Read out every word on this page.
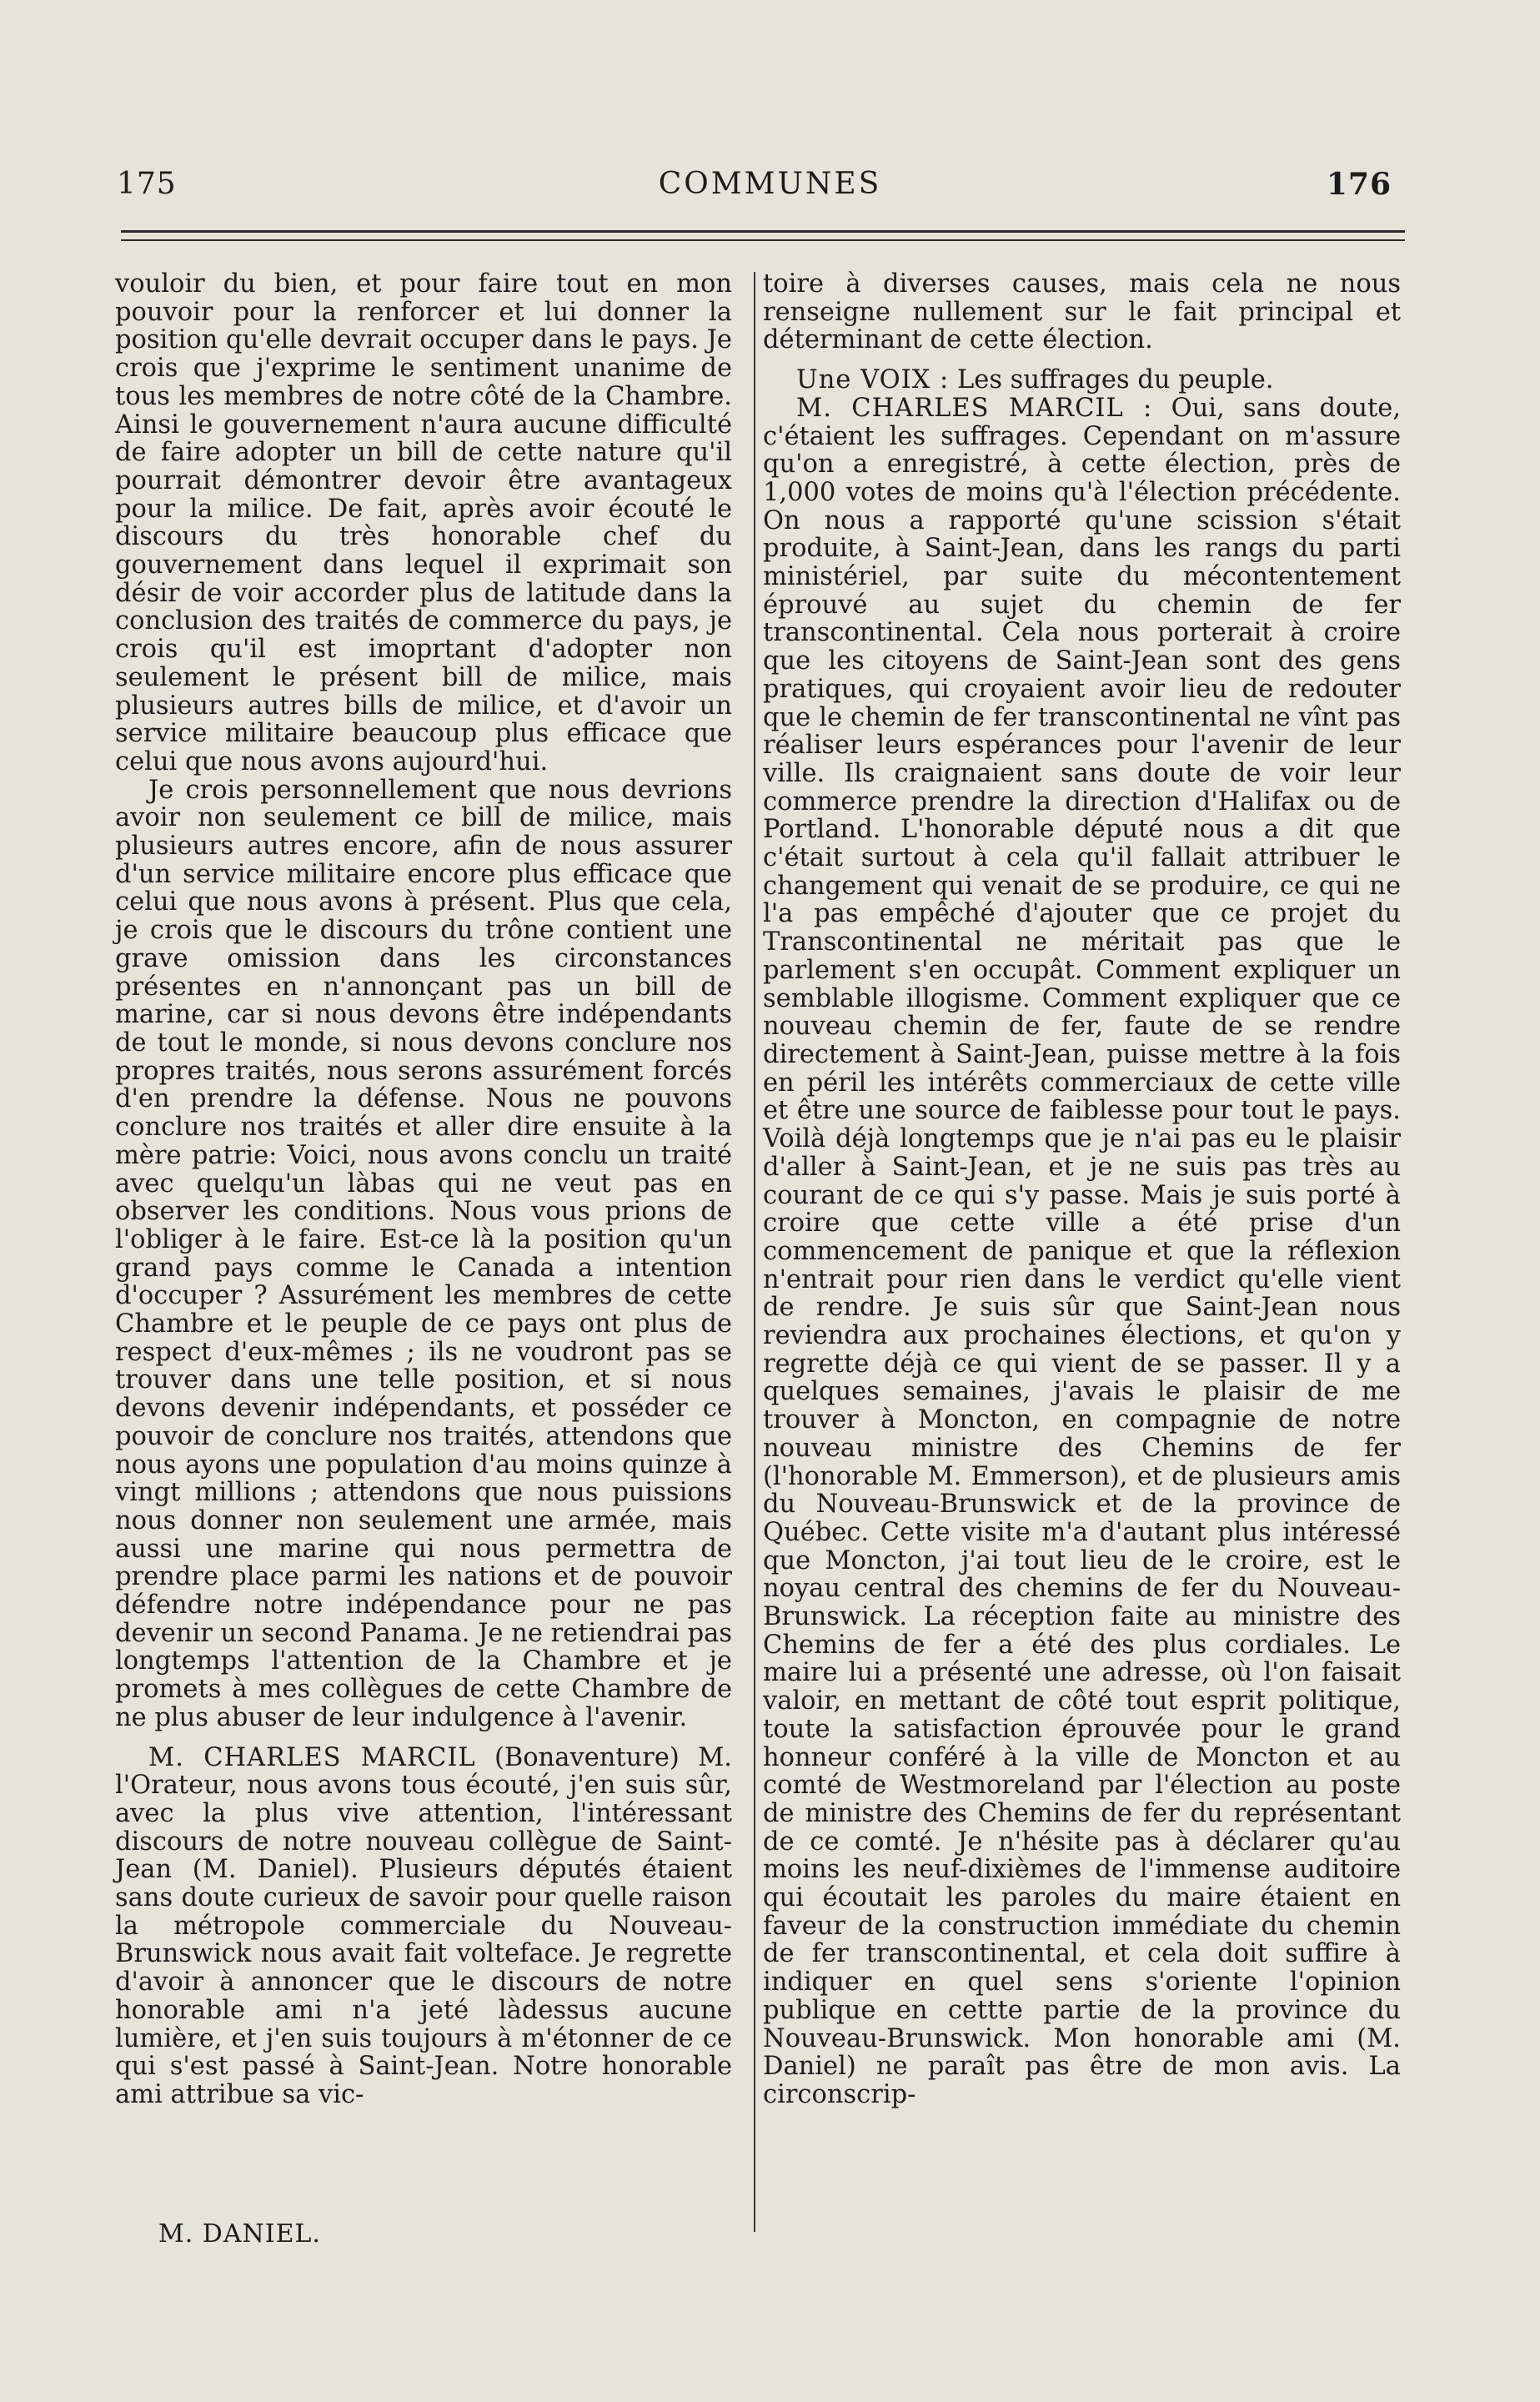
175	COMMUNES	176

vouloir du bien, et pour faire tout en mon pouvoir pour la renforcer et lui donner la position qu'elle devrait occuper dans le pays. Je crois que j'exprime le sentiment unanime de tous les membres de notre côté de la Chambre. Ainsi le gouvernement n'aura aucune difficulté de faire adopter un bill de cette nature qu'il pourrait démontrer devoir être avantageux pour la milice. De fait, après avoir écouté le discours du très honorable chef du gouvernement dans lequel il exprimait son désir de voir accorder plus de latitude dans la conclusion des traités de commerce du pays, je crois qu'il est imoprtant d'adopter non seulement le présent bill de milice, mais plusieurs autres bills de milice, et d'avoir un service militaire beaucoup plus efficace que celui que nous avons aujourd'hui.

Je crois personnellement que nous devrions avoir non seulement ce bill de milice, mais plusieurs autres encore, afin de nous assurer d'un service militaire encore plus efficace que celui que nous avons à présent. Plus que cela, je crois que le discours du trône contient une grave omission dans les circonstances présentes en n'annonçant pas un bill de marine, car si nous devons être indépendants de tout le monde, si nous devons conclure nos propres traités, nous serons assurément forcés d'en prendre la défense. Nous ne pouvons conclure nos traités et aller dire ensuite à la mère patrie: Voici, nous avons conclu un traité avec quelqu'un làbas qui ne veut pas en observer les conditions. Nous vous prions de l'obliger à le faire. Est-ce là la position qu'un grand pays comme le Canada a intention d'occuper ? Assurément les membres de cette Chambre et le peuple de ce pays ont plus de respect d'eux-mêmes ; ils ne voudront pas se trouver dans une telle position, et si nous devons devenir indépendants, et posséder ce pouvoir de conclure nos traités, attendons que nous ayons une population d'au moins quinze à vingt millions ; attendons que nous puissions nous donner non seulement une armée, mais aussi une marine qui nous permettra de prendre place parmi les nations et de pouvoir défendre notre indépendance pour ne pas devenir un second Panama. Je ne retiendrai pas longtemps l'attention de la Chambre et je promets à mes collègues de cette Chambre de ne plus abuser de leur indulgence à l'avenir.

M. CHARLES MARCIL (Bonaventure) M. l'Orateur, nous avons tous écouté, j'en suis sûr, avec la plus vive attention, l'intéressant discours de notre nouveau collègue de Saint-Jean (M. Daniel). Plusieurs députés étaient sans doute curieux de savoir pour quelle raison la métropole commerciale du Nouveau-Brunswick nous avait fait volteface. Je regrette d'avoir à annoncer que le discours de notre honorable ami n'a jeté làdessus aucune lumière, et j'en suis toujours à m'étonner de ce qui s'est passé à Saint-Jean. Notre honorable ami attribue sa vic-

toire à diverses causes, mais cela ne nous renseigne nullement sur le fait principal et déterminant de cette élection.

Une VOIX : Les suffrages du peuple.

M. CHARLES MARCIL : Oui, sans doute, c'étaient les suffrages. Cependant on m'assure qu'on a enregistré, à cette élection, près de 1,000 votes de moins qu'à l'élection précédente. On nous a rapporté qu'une scission s'était produite, à Saint-Jean, dans les rangs du parti ministériel, par suite du mécontentement éprouvé au sujet du chemin de fer transcontinental. Cela nous porterait à croire que les citoyens de Saint-Jean sont des gens pratiques, qui croyaient avoir lieu de redouter que le chemin de fer transcontinental ne vînt pas réaliser leurs espérances pour l'avenir de leur ville. Ils craignaient sans doute de voir leur commerce prendre la direction d'Halifax ou de Portland. L'honorable député nous a dit que c'était surtout à cela qu'il fallait attribuer le changement qui venait de se produire, ce qui ne l'a pas empêché d'ajouter que ce projet du Transcontinental ne méritait pas que le parlement s'en occupât. Comment expliquer un semblable illogisme. Comment expliquer que ce nouveau chemin de fer, faute de se rendre directement à Saint-Jean, puisse mettre à la fois en péril les intérêts commerciaux de cette ville et être une source de faiblesse pour tout le pays. Voilà déjà longtemps que je n'ai pas eu le plaisir d'aller à Saint-Jean, et je ne suis pas très au courant de ce qui s'y passe. Mais je suis porté à croire que cette ville a été prise d'un commencement de panique et que la réflexion n'entrait pour rien dans le verdict qu'elle vient de rendre. Je suis sûr que Saint-Jean nous reviendra aux prochaines élections, et qu'on y regrette déjà ce qui vient de se passer. Il y a quelques semaines, j'avais le plaisir de me trouver à Moncton, en compagnie de notre nouveau ministre des Chemins de fer (l'honorable M. Emmerson), et de plusieurs amis du Nouveau-Brunswick et de la province de Québec. Cette visite m'a d'autant plus intéressé que Moncton, j'ai tout lieu de le croire, est le noyau central des chemins de fer du Nouveau-Brunswick. La réception faite au ministre des Chemins de fer a été des plus cordiales. Le maire lui a présenté une adresse, où l'on faisait valoir, en mettant de côté tout esprit politique, toute la satisfaction éprouvée pour le grand honneur conféré à la ville de Moncton et au comté de Westmoreland par l'élection au poste de ministre des Chemins de fer du représentant de ce comté. Je n'hésite pas à déclarer qu'au moins les neuf-dixièmes de l'immense auditoire qui écoutait les paroles du maire étaient en faveur de la construction immédiate du chemin de fer transcontinental, et cela doit suffire à indiquer en quel sens s'oriente l'opinion publique en cettte partie de la province du Nouveau-Brunswick. Mon honorable ami (M. Daniel) ne paraît pas être de mon avis. La circonscrip-

M. DANIEL.
